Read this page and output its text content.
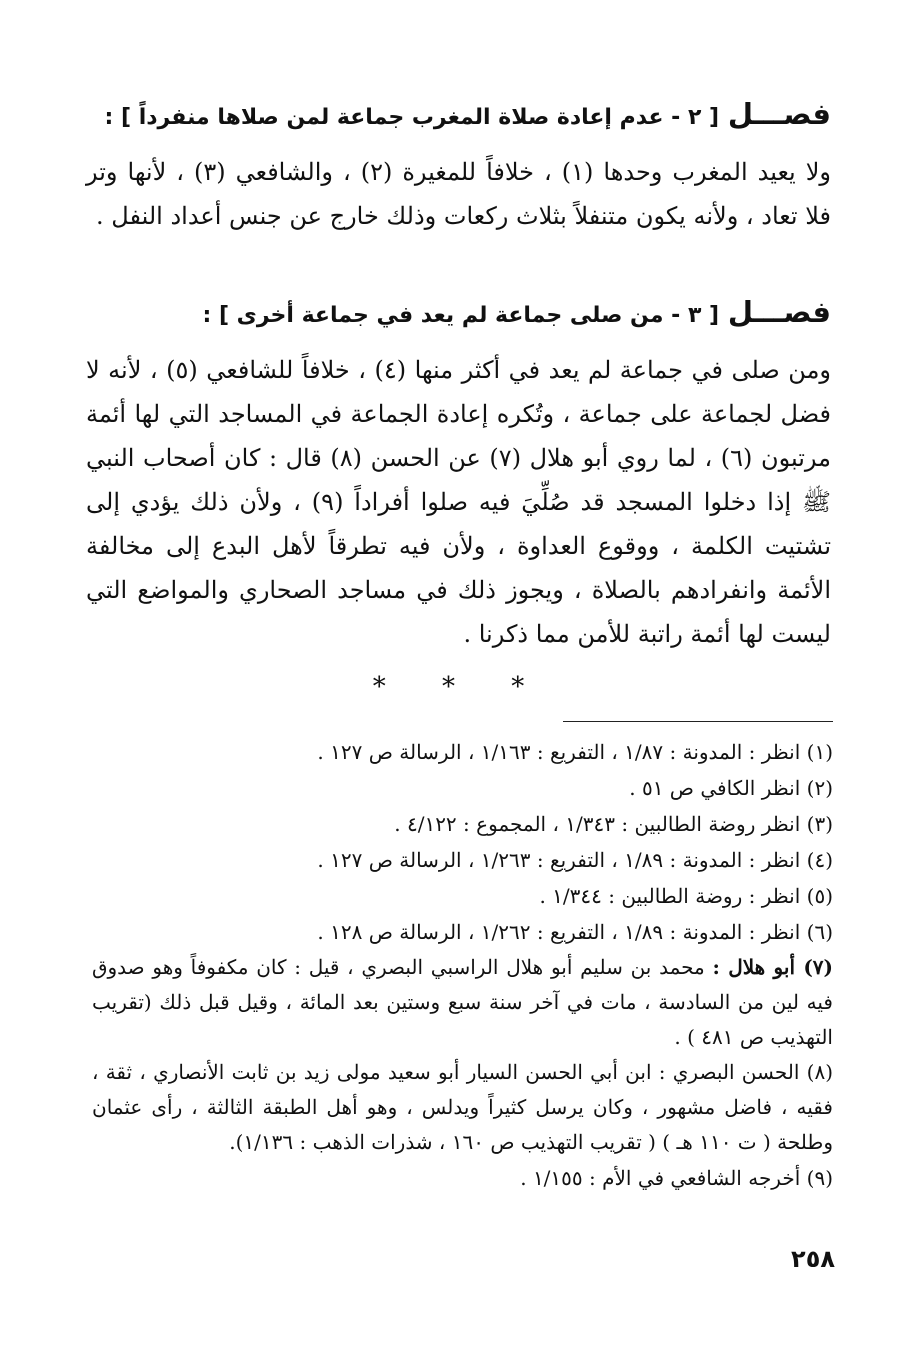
فصـــل [ ٢ - عدم إعادة صلاة المغرب جماعة لمن صلاها منفرداً ] :

ولا يعيد المغرب وحدها (١) ، خلافاً للمغيرة (٢) ، والشافعي (٣) ، لأنها وتر فلا تعاد ، ولأنه يكون متنفلاً بثلاث ركعات وذلك خارج عن جنس أعداد النفل .

فصـــل [ ٣ - من صلى جماعة لم يعد في جماعة أخرى ] :

ومن صلى في جماعة لم يعد في أكثر منها (٤) ، خلافاً للشافعي (٥) ، لأنه لا فضل لجماعة على جماعة ، وتُكره إعادة الجماعة في المساجد التي لها أئمة مرتبون (٦) ، لما روي أبو هلال (٧) عن الحسن (٨) قال : كان أصحاب النبي ﷺ إذا دخلوا المسجد قد صُلِّيَ فيه صلوا أفراداً (٩) ، ولأن ذلك يؤدي إلى تشتيت الكلمة ، ووقوع العداوة ، ولأن فيه تطرقاً لأهل البدع إلى مخالفة الأئمة وانفرادهم بالصلاة ، ويجوز ذلك في مساجد الصحاري والمواضع التي ليست لها أئمة راتبة للأمن مما ذكرنا .

* * *

(١) انظر : المدونة : ١/٨٧ ، التفريع : ١/١٦٣ ، الرسالة ص ١٢٧ .

(٢) انظر الكافي ص ٥١ .

(٣) انظر روضة الطالبين : ١/٣٤٣ ، المجموع : ٤/١٢٢ .

(٤) انظر : المدونة : ١/٨٩ ، التفريع : ١/٢٦٣ ، الرسالة ص ١٢٧ .

(٥) انظر : روضة الطالبين : ١/٣٤٤ .

(٦) انظر : المدونة : ١/٨٩ ، التفريع : ١/٢٦٢ ، الرسالة ص ١٢٨ .

(٧) أبو هلال : محمد بن سليم أبو هلال الراسبي البصري ، قيل : كان مكفوفاً وهو صدوق فيه لين من السادسة ، مات في آخر سنة سبع وستين بعد المائة ، وقيل قبل ذلك (تقريب التهذيب ص ٤٨١ ) .

(٨) الحسن البصري : ابن أبي الحسن السيار أبو سعيد مولى زيد بن ثابت الأنصاري ، ثقة ، فقيه ، فاضل مشهور ، وكان يرسل كثيراً ويدلس ، وهو أهل الطبقة الثالثة ، رأى عثمان وطلحة ( ت ١١٠ هـ ) ( تقريب التهذيب ص ١٦٠ ، شذرات الذهب : ١/١٣٦).

(٩) أخرجه الشافعي في الأم : ١/١٥٥ .

٢٥٨
